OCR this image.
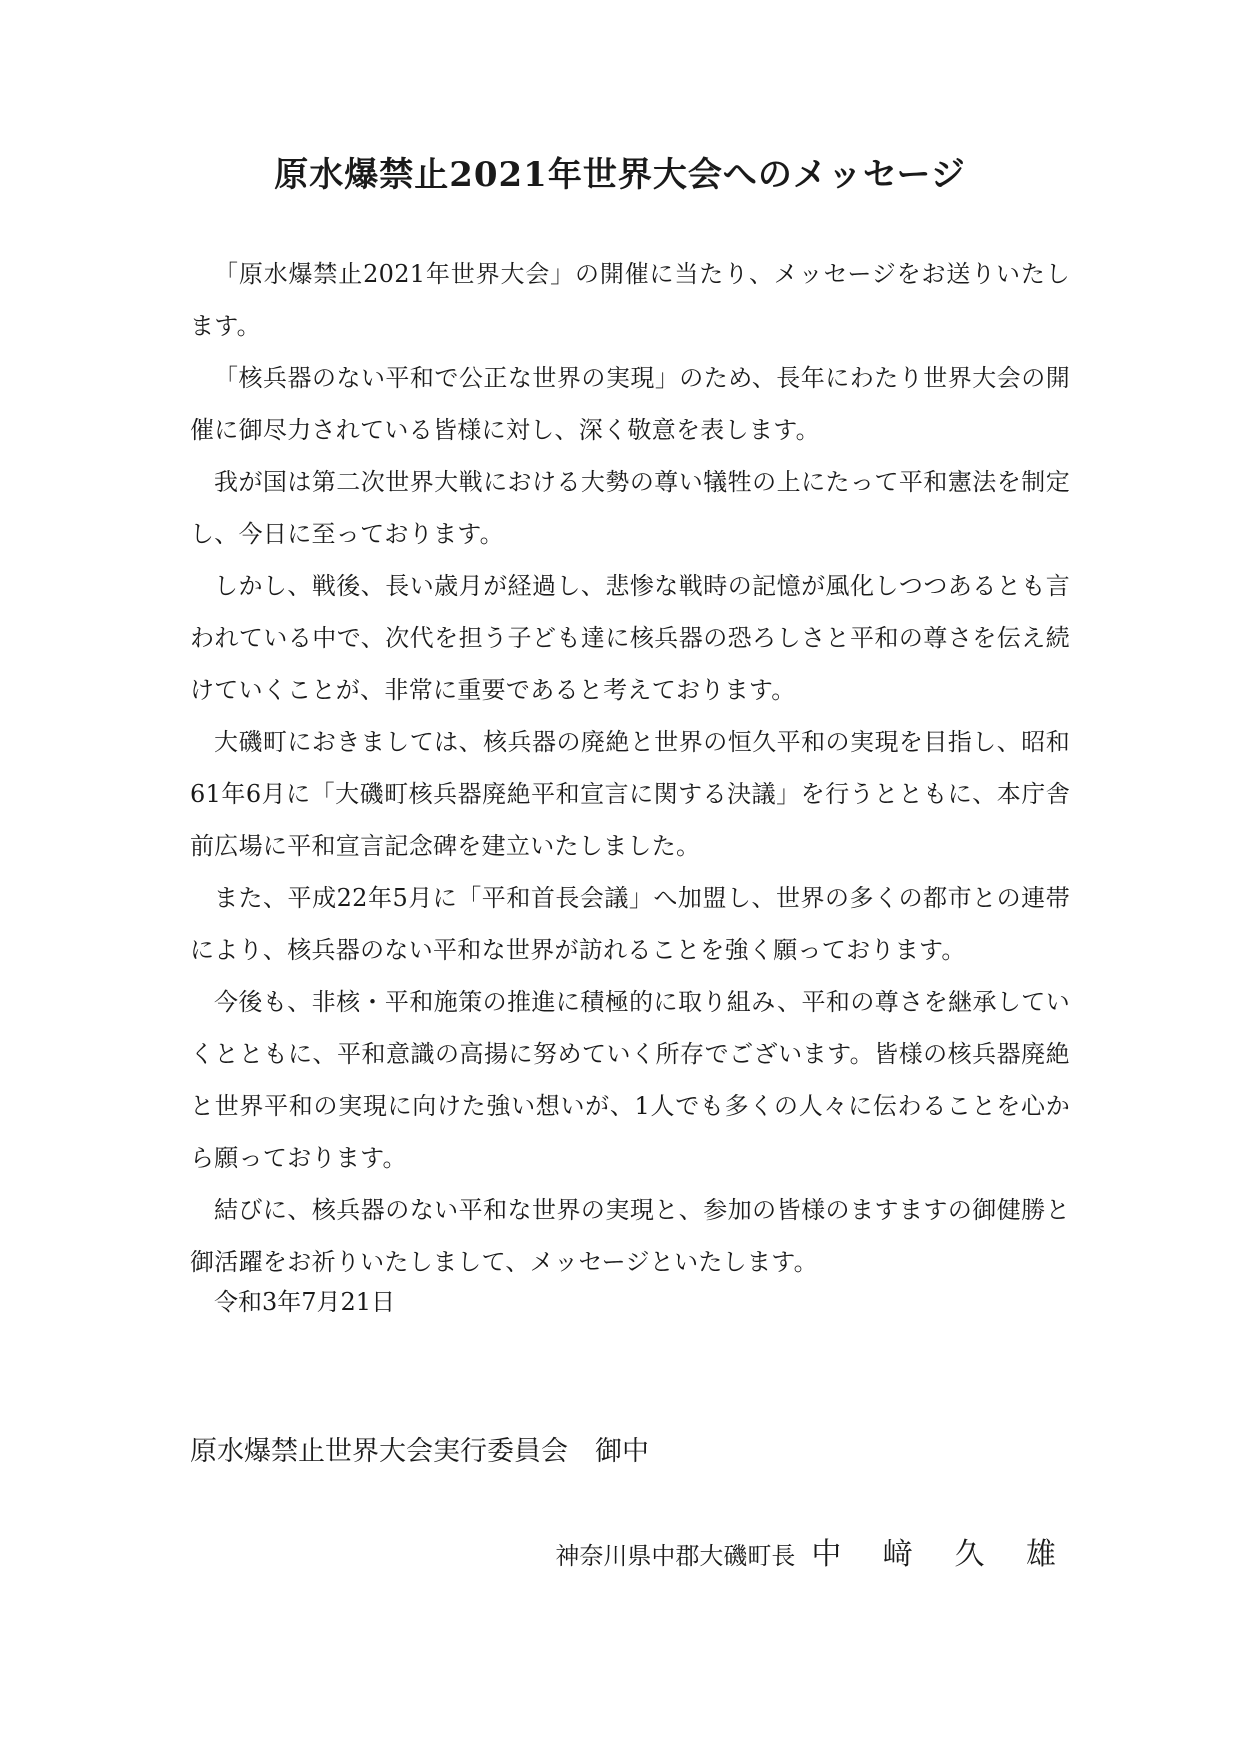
原水爆禁止2021年世界大会へのメッセージ

「原水爆禁止2021年世界大会」の開催に当たり、メッセージをお送りいたします。

「核兵器のない平和で公正な世界の実現」のため、長年にわたり世界大会の開催に御尽力されている皆様に対し、深く敬意を表します。

我が国は第二次世界大戦における大勢の尊い犠牲の上にたって平和憲法を制定し、今日に至っております。

しかし、戦後、長い歳月が経過し、悲惨な戦時の記憶が風化しつつあるとも言われている中で、次代を担う子ども達に核兵器の恐ろしさと平和の尊さを伝え続けていくことが、非常に重要であると考えております。

大磯町におきましては、核兵器の廃絶と世界の恒久平和の実現を目指し、昭和61年6月に「大磯町核兵器廃絶平和宣言に関する決議」を行うとともに、本庁舎前広場に平和宣言記念碑を建立いたしました。

また、平成22年5月に「平和首長会議」へ加盟し、世界の多くの都市との連帯により、核兵器のない平和な世界が訪れることを強く願っております。

今後も、非核・平和施策の推進に積極的に取り組み、平和の尊さを継承していくとともに、平和意識の高揚に努めていく所存でございます。皆様の核兵器廃絶と世界平和の実現に向けた強い想いが、1人でも多くの人々に伝わることを心から願っております。

結びに、核兵器のない平和な世界の実現と、参加の皆様のますますの御健勝と御活躍をお祈りいたしまして、メッセージといたします。

令和3年7月21日

原水爆禁止世界大会実行委員会　御中

神奈川県中郡大磯町長 中 﨑 久 雄
